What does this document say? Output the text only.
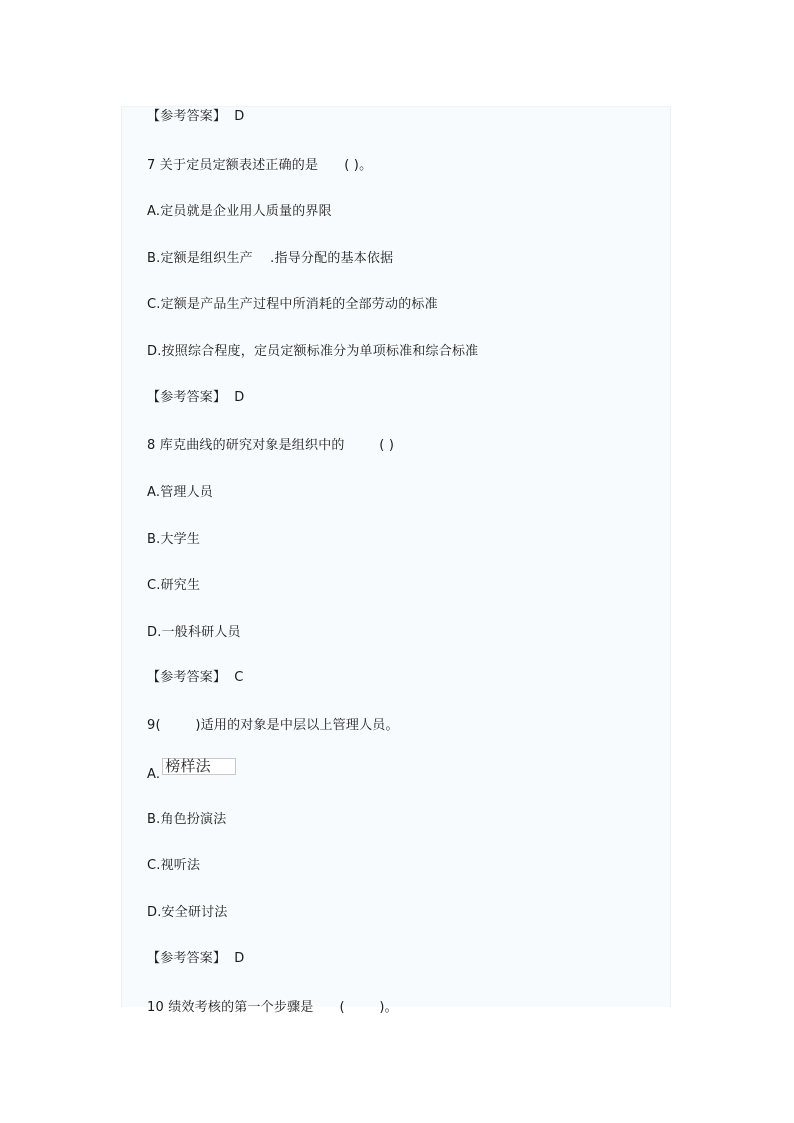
【参考答案】 D
7 关于定员定额表述正确的是      ( )。
A.定员就是企业用人质量的界限
B.定额是组织生产    .指导分配的基本依据
C.定额是产品生产过程中所消耗的全部劳动的标准
D.按照综合程度，定员定额标准分为单项标准和综合标准
【参考答案】 D
8 库克曲线的研究对象是组织中的        ( )
A.管理人员
B.大学生
C.研究生
D.一般科研人员
【参考答案】 C
9(        )适用的对象是中层以上管理人员。
A. 榜样法
B.角色扮演法
C.视听法
D.安全研讨法
【参考答案】 D
10 绩效考核的第一个步骤是      (        )。
